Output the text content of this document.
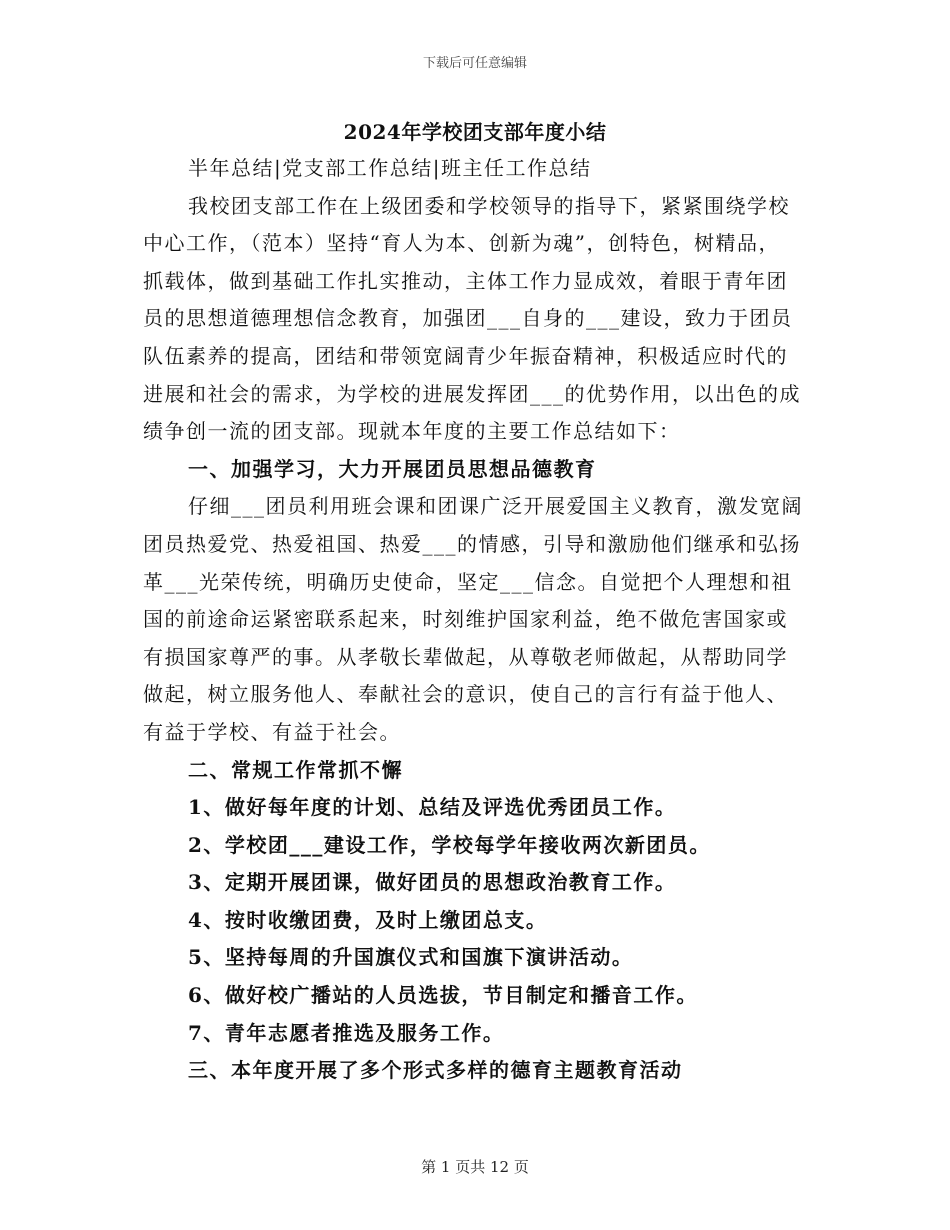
下载后可任意编辑
2024年学校团支部年度小结
半年总结|党支部工作总结|班主任工作总结
我校团支部工作在上级团委和学校领导的指导下，紧紧围绕学校
中心工作，（范本）坚持“育人为本、创新为魂”，创特色，树精品，
抓载体，做到基础工作扎实推动，主体工作力显成效，着眼于青年团
员的思想道德理想信念教育，加强团___自身的___建设，致力于团员
队伍素养的提高，团结和带领宽阔青少年振奋精神，积极适应时代的
进展和社会的需求，为学校的进展发挥团___的优势作用，以出色的成
绩争创一流的团支部。现就本年度的主要工作总结如下：
一、加强学习，大力开展团员思想品德教育
仔细___团员利用班会课和团课广泛开展爱国主义教育，激发宽阔
团员热爱党、热爱祖国、热爱___的情感，引导和激励他们继承和弘扬
革___光荣传统，明确历史使命，坚定___信念。自觉把个人理想和祖
国的前途命运紧密联系起来，时刻维护国家利益，绝不做危害国家或
有损国家尊严的事。从孝敬长辈做起，从尊敬老师做起，从帮助同学
做起，树立服务他人、奉献社会的意识，使自己的言行有益于他人、
有益于学校、有益于社会。
二、常规工作常抓不懈
1、做好每年度的计划、总结及评选优秀团员工作。
2、学校团___建设工作，学校每学年接收两次新团员。
3、定期开展团课，做好团员的思想政治教育工作。
4、按时收缴团费，及时上缴团总支。
5、坚持每周的升国旗仪式和国旗下演讲活动。
6、做好校广播站的人员选拔，节目制定和播音工作。
7、青年志愿者推选及服务工作。
三、本年度开展了多个形式多样的德育主题教育活动
第 1 页共 12 页
